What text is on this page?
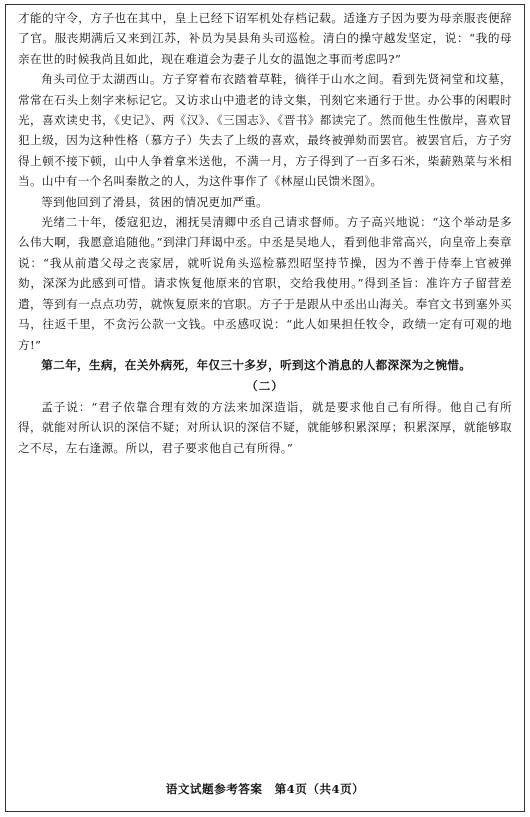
才能的守令，方子也在其中，皇上已经下诏军机处存档记载。适逢方子因为要为母亲服丧便辞了官。服丧期满后又来到江苏，补员为吴县角头司巡检。清白的操守越发坚定，说：“我的母亲在世的时候我尚且如此，现在难道会为妻子儿女的温饱之事而考虑吗?”

角头司位于太湖西山。方子穿着布衣踏着草鞋，徜徉于山水之间。看到先贤祠堂和坟墓，常常在石头上刻字来标记它。又访求山中遗老的诗文集，刊刻它来通行于世。办公事的闲暇时光，喜欢读史书，《史记》、两《汉》、《三国志》、《晋书》都读完了。然而他生性傲岸，喜欢冒犯上级，因为这种性格（慕方子）失去了上级的喜欢，最终被弹劾而罢官。被罢官后，方子穷得上顿不接下顿，山中人争着拿米送他，不满一月，方子得到了一百多石米，柴薪熟菜与米相当。山中有一个名叫秦散之的人，为这件事作了《林屋山民馈米图》。

等到他回到了滑县，贫困的情况更加严重。

光绪二十年，倭寇犯边，湘抚吴清卿中丞自己请求督师。方子高兴地说：“这个举动是多么伟大啊，我愿意追随他。”到津门拜谒中丞。中丞是吴地人，看到他非常高兴，向皇帝上奏章说：“我从前遣父母之丧家居，就听说角头巡检慕烈昭坚持节操，因为不善于侍奉上官被弹劾，深深为此感到可惜。请求恢复他原来的官职，交给我使用。”得到圣旨：准许方子留营差遣，等到有一点点功劳，就恢复原来的官职。方子于是跟从中丞出山海关。奉官文书到塞外买马，往返千里，不贪污公款一文钱。中丞感叹说：“此人如果担任牧令，政绩一定有可观的地方!”

第二年，生病，在关外病死，年仅三十多岁，听到这个消息的人都深深为之惋惜。

（二）

孟子说：“君子依靠合理有效的方法来加深造诣，就是要求他自己有所得。他自己有所得，就能对所认识的深信不疑；对所认识的深信不疑，就能够积累深厚；积累深厚，就能够取之不尽，左右逢源。所以，君子要求他自己有所得。”

语文试题参考答案　第4页（共4页）
